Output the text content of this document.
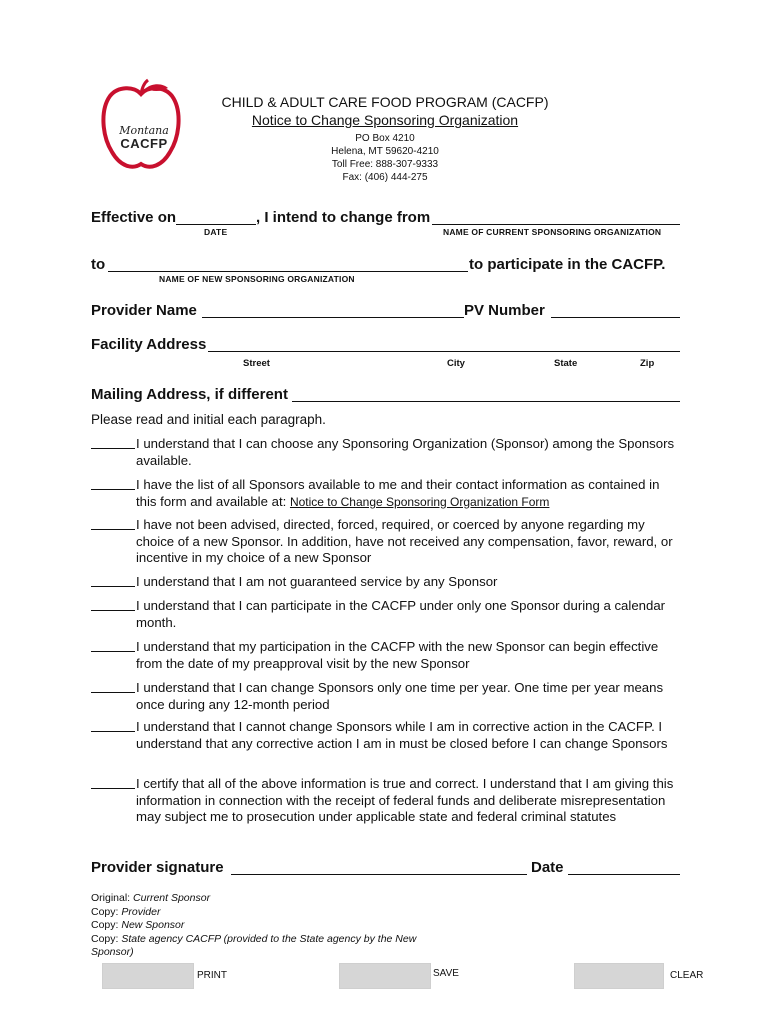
Montana
CACFP
CHILD & ADULT CARE FOOD PROGRAM (CACFP)
Notice to Change Sponsoring Organization
PO Box 4210
Helena, MT 59620-4210
Toll Free: 888-307-9333
Fax: (406) 444-275
Effective on	, I intend to change from
DATE	NAME OF CURRENT SPONSORING ORGANIZATION
to	to participate in the CACFP.
NAME OF NEW SPONSORING ORGANIZATION
Provider Name	PV Number
Facility Address
Street	City	State	Zip
Mailing Address, if different
Please read and initial each paragraph.
I understand that I can choose any Sponsoring Organization (Sponsor) among the Sponsors available.
I have the list of all Sponsors available to me and their contact information as contained in this form and available at: Notice to Change Sponsoring Organization Form
I have not been advised, directed, forced, required, or coerced by anyone regarding my choice of a new Sponsor. In addition, have not received any compensation, favor, reward, or incentive in my choice of a new Sponsor
I understand that I am not guaranteed service by any Sponsor
I understand that I can participate in the CACFP under only one Sponsor during a calendar month.
I understand that my participation in the CACFP with the new Sponsor can begin effective from the date of my preapproval visit by the new Sponsor
I understand that I can change Sponsors only one time per year. One time per year means once during any 12-month period
I understand that I cannot change Sponsors while I am in corrective action in the CACFP. I understand that any corrective action I am in must be closed before I can change Sponsors
I certify that all of the above information is true and correct. I understand that I am giving this information in connection with the receipt of federal funds and deliberate misrepresentation may subject me to prosecution under applicable state and federal criminal statutes
Provider signature	Date
Original: Current Sponsor
Copy: Provider
Copy: New Sponsor
Copy: State agency CACFP (provided to the State agency by the New Sponsor)
PRINT	SAVE	CLEAR
